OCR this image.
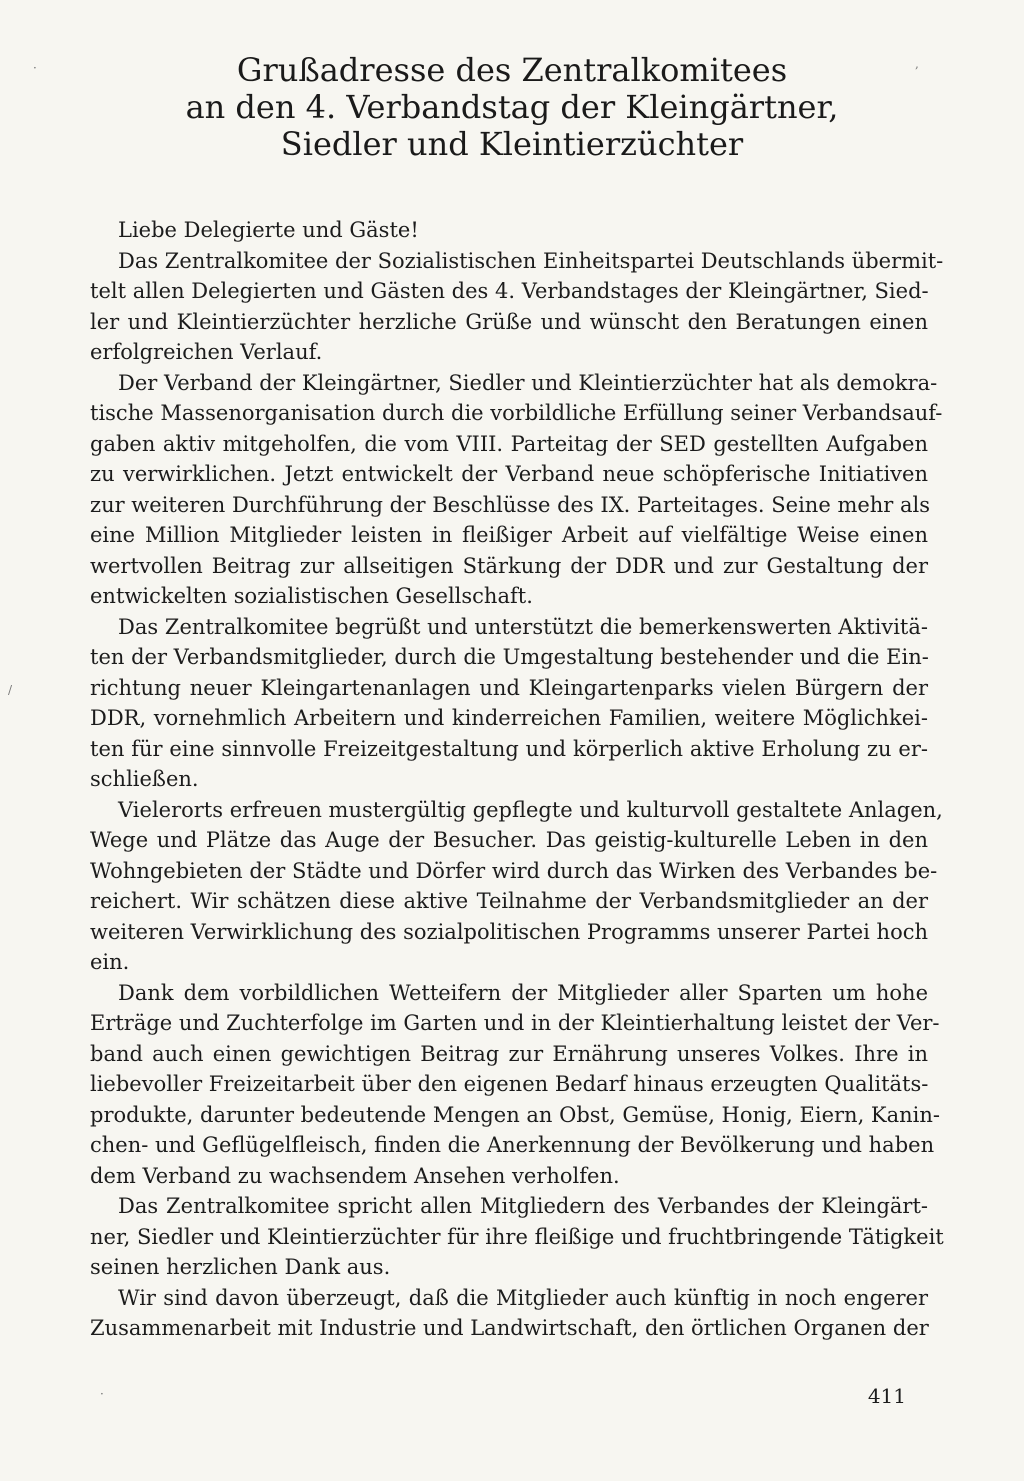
Grußadresse des Zentralkomitees
an den 4. Verbandstag der Kleingärtner,
Siedler und Kleintierzüchter
Liebe Delegierte und Gäste!
Das Zentralkomitee der Sozialistischen Einheitspartei Deutschlands übermit-
telt allen Delegierten und Gästen des 4. Verbandstages der Kleingärtner, Sied-
ler und Kleintierzüchter herzliche Grüße und wünscht den Beratungen einen
erfolgreichen Verlauf.
Der Verband der Kleingärtner, Siedler und Kleintierzüchter hat als demokra-
tische Massenorganisation durch die vorbildliche Erfüllung seiner Verbandsauf-
gaben aktiv mitgeholfen, die vom VIII. Parteitag der SED gestellten Aufgaben
zu verwirklichen. Jetzt entwickelt der Verband neue schöpferische Initiativen
zur weiteren Durchführung der Beschlüsse des IX. Parteitages. Seine mehr als
eine Million Mitglieder leisten in fleißiger Arbeit auf vielfältige Weise einen
wertvollen Beitrag zur allseitigen Stärkung der DDR und zur Gestaltung der
entwickelten sozialistischen Gesellschaft.
Das Zentralkomitee begrüßt und unterstützt die bemerkenswerten Aktivitä-
ten der Verbandsmitglieder, durch die Umgestaltung bestehender und die Ein-
richtung neuer Kleingartenanlagen und Kleingartenparks vielen Bürgern der
DDR, vornehmlich Arbeitern und kinderreichen Familien, weitere Möglichkei-
ten für eine sinnvolle Freizeitgestaltung und körperlich aktive Erholung zu er-
schließen.
Vielerorts erfreuen mustergültig gepflegte und kulturvoll gestaltete Anlagen,
Wege und Plätze das Auge der Besucher. Das geistig-kulturelle Leben in den
Wohngebieten der Städte und Dörfer wird durch das Wirken des Verbandes be-
reichert. Wir schätzen diese aktive Teilnahme der Verbandsmitglieder an der
weiteren Verwirklichung des sozialpolitischen Programms unserer Partei hoch
ein.
Dank dem vorbildlichen Wetteifern der Mitglieder aller Sparten um hohe
Erträge und Zuchterfolge im Garten und in der Kleintierhaltung leistet der Ver-
band auch einen gewichtigen Beitrag zur Ernährung unseres Volkes. Ihre in
liebevoller Freizeitarbeit über den eigenen Bedarf hinaus erzeugten Qualitäts-
produkte, darunter bedeutende Mengen an Obst, Gemüse, Honig, Eiern, Kanin-
chen- und Geflügelfleisch, finden die Anerkennung der Bevölkerung und haben
dem Verband zu wachsendem Ansehen verholfen.
Das Zentralkomitee spricht allen Mitgliedern des Verbandes der Kleingärt-
ner, Siedler und Kleintierzüchter für ihre fleißige und fruchtbringende Tätigkeit
seinen herzlichen Dank aus.
Wir sind davon überzeugt, daß die Mitglieder auch künftig in noch engerer
Zusammenarbeit mit Industrie und Landwirtschaft, den örtlichen Organen der
411
·
/
·
,
